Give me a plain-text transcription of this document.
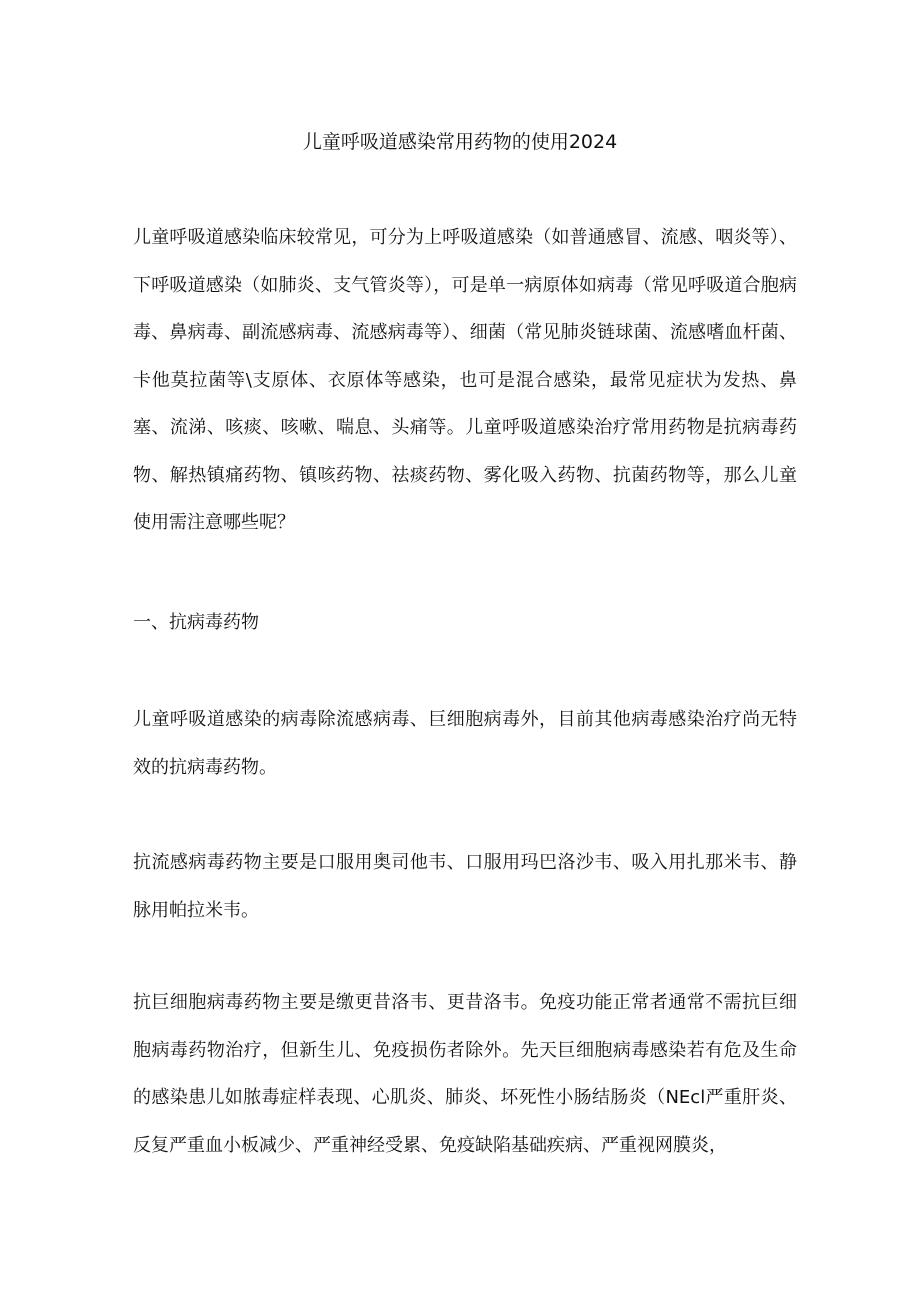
儿童呼吸道感染常用药物的使用2024

儿童呼吸道感染临床较常见，可分为上呼吸道感染（如普通感冒、流感、咽炎等）、下呼吸道感染（如肺炎、支气管炎等），可是单一病原体如病毒（常见呼吸道合胞病毒、鼻病毒、副流感病毒、流感病毒等）、细菌（常见肺炎链球菌、流感嗜血杆菌、卡他莫拉菌等\支原体、衣原体等感染，也可是混合感染，最常见症状为发热、鼻塞、流涕、咳痰、咳嗽、喘息、头痛等。儿童呼吸道感染治疗常用药物是抗病毒药物、解热镇痛药物、镇咳药物、祛痰药物、雾化吸入药物、抗菌药物等，那么儿童使用需注意哪些呢？

一、抗病毒药物

儿童呼吸道感染的病毒除流感病毒、巨细胞病毒外，目前其他病毒感染治疗尚无特效的抗病毒药物。

抗流感病毒药物主要是口服用奥司他韦、口服用玛巴洛沙韦、吸入用扎那米韦、静脉用帕拉米韦。

抗巨细胞病毒药物主要是缴更昔洛韦、更昔洛韦。免疫功能正常者通常不需抗巨细胞病毒药物治疗，但新生儿、免疫损伤者除外。先天巨细胞病毒感染若有危及生命的感染患儿如脓毒症样表现、心肌炎、肺炎、坏死性小肠结肠炎（NEcl严重肝炎、反复严重血小板减少、严重神经受累、免疫缺陷基础疾病、严重视网膜炎，
